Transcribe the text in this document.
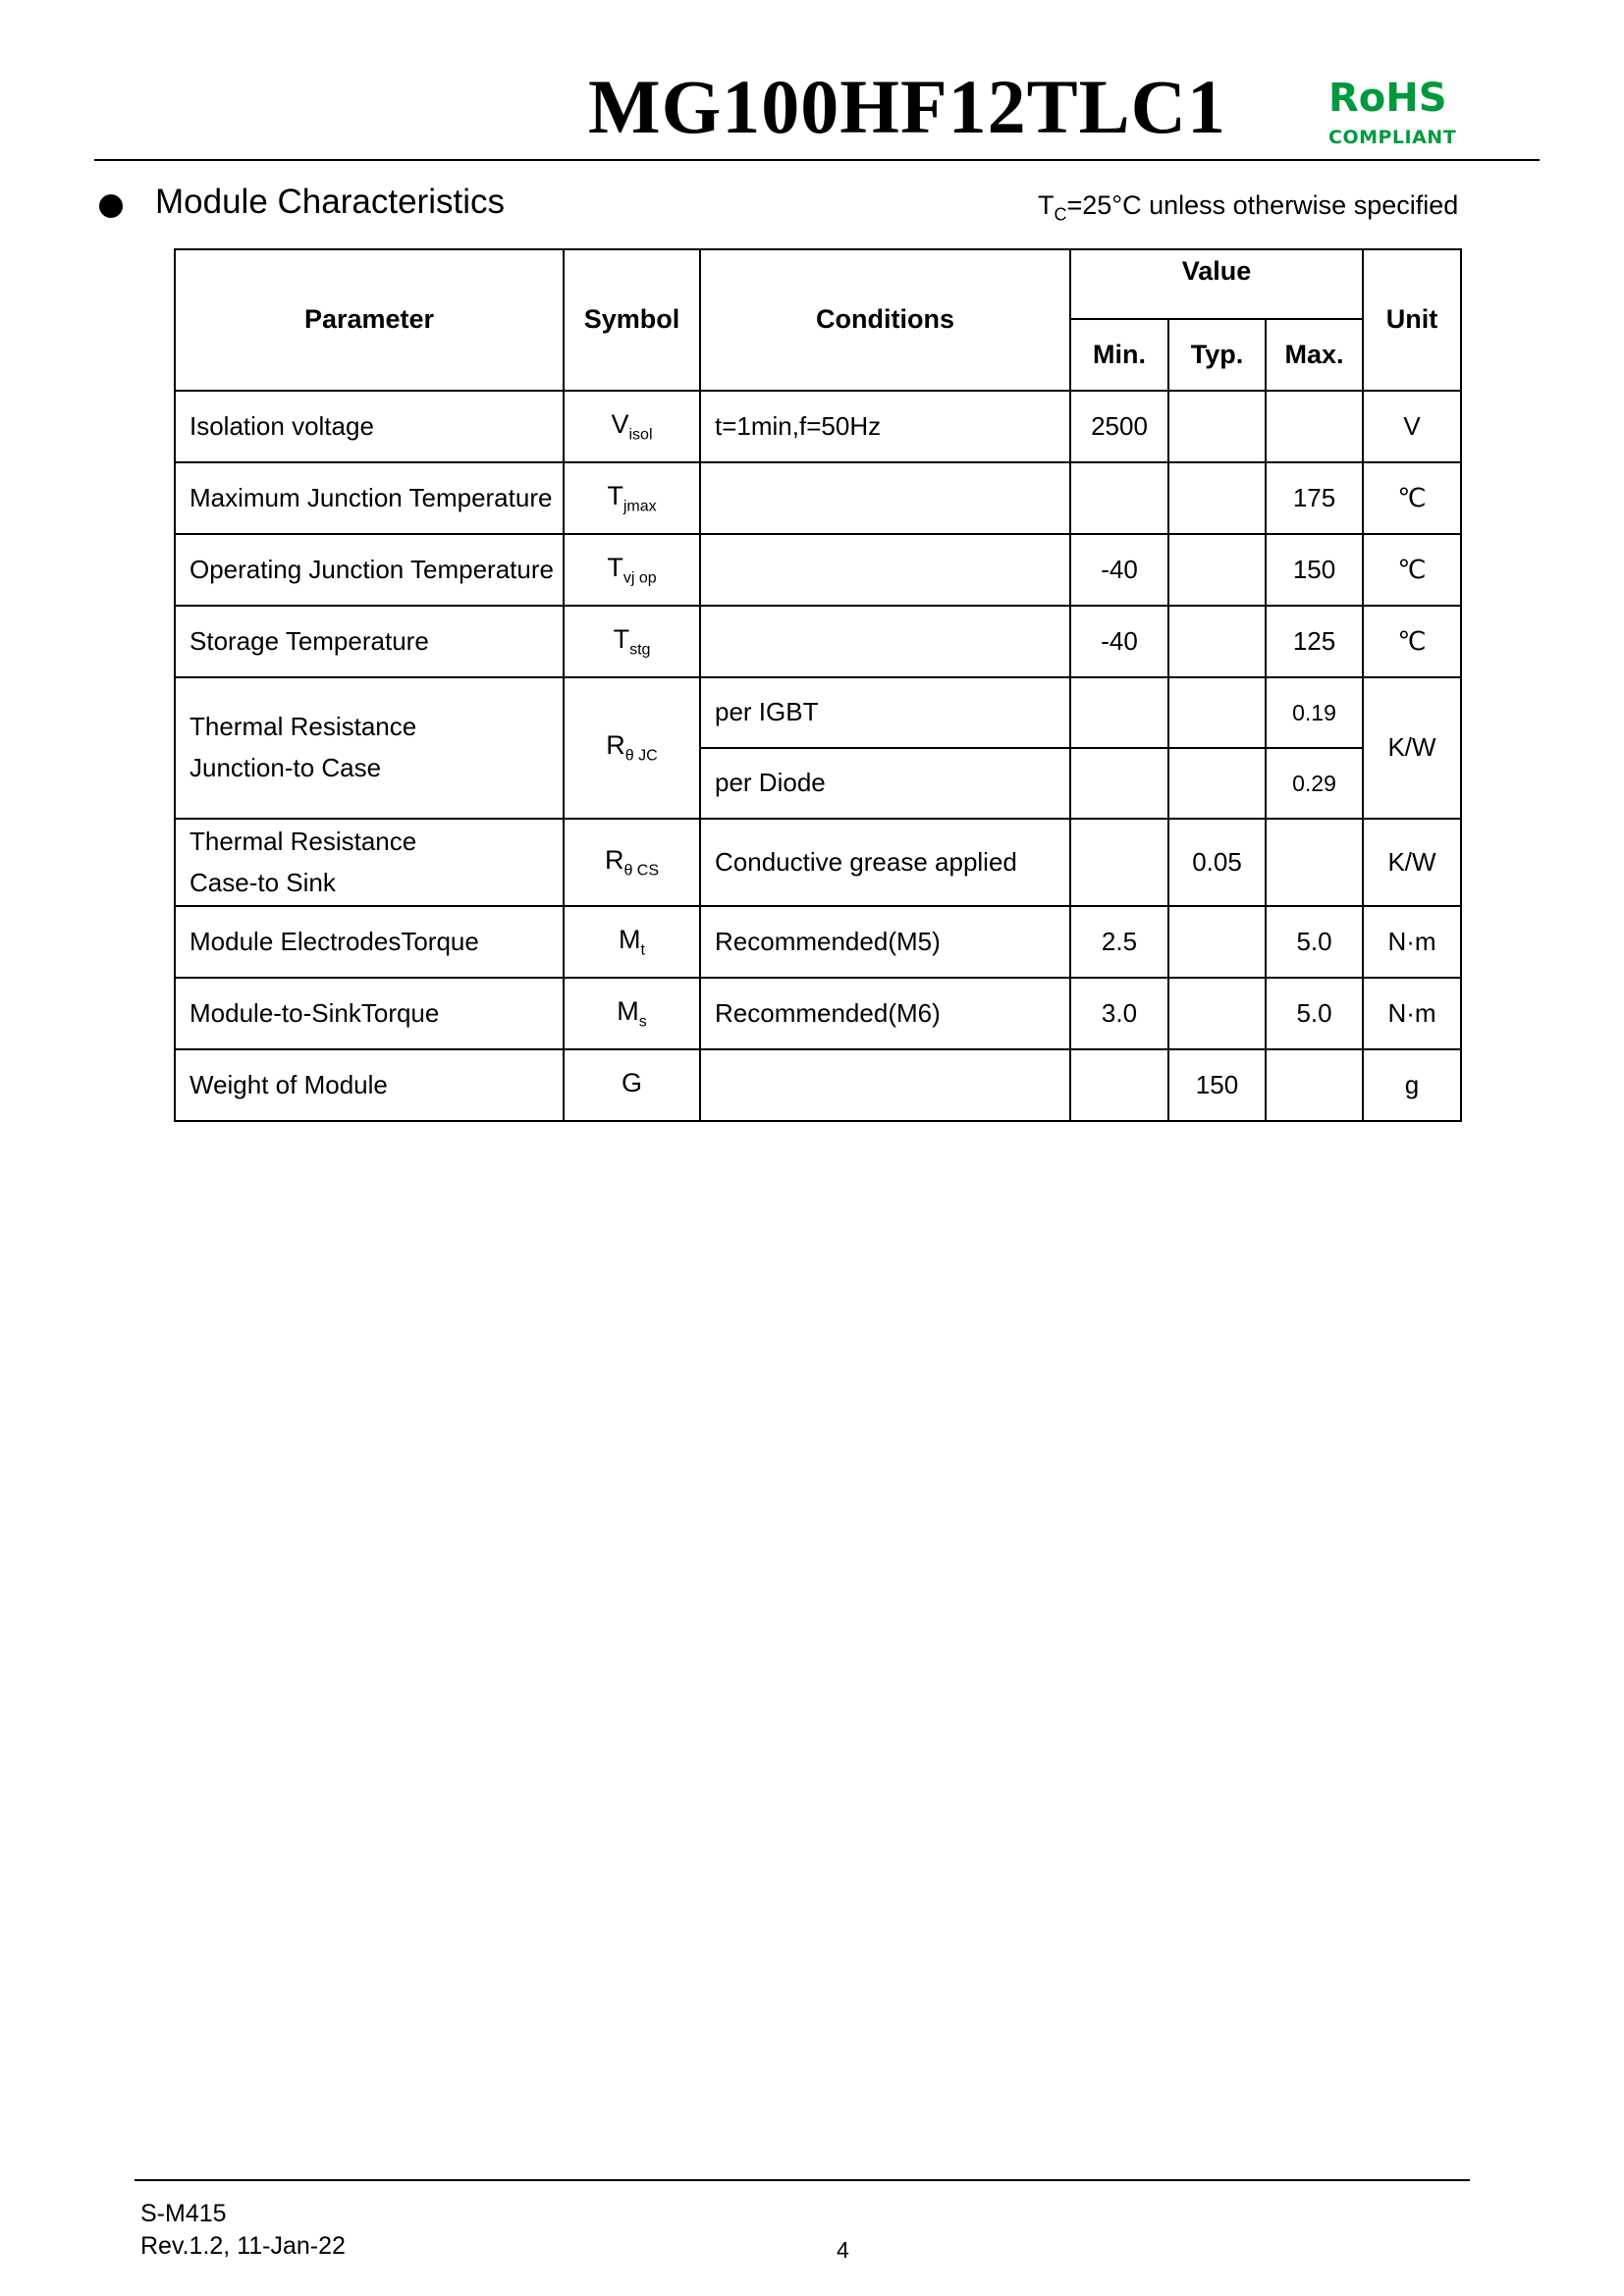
MG100HF12TLC1	RoHS
COMPLIANT
Module Characteristics	$T_C=25^\circ C$ unless otherwise specified
Parameter	Symbol	Conditions	Value			Unit
			Min.	Typ.	Max.	
Isolation voltage	$V_{isol}$	t=1min,f=50Hz	2500			V
Maximum Junction Temperature	$T_{jmax}$				175	℃
Operating Junction Temperature	$T_{vj op}$		-40		150	℃
Storage Temperature	$T_{stg}$		-40		125	℃

Thermal Resistance
Junction-to Case	$R_{\theta JC}$	per IGBT			0.19	K/W
		per Diode			0.29	

Thermal Resistance
Case-to Sink	$R_{\theta CS}$	Conductive grease applied		0.05		K/W
Module ElectrodesTorque	$M_t$	Recommended(M5)	2.5		5.0	N·m
Module-to-SinkTorque	$M_s$	Recommended(M6)	3.0		5.0	N·m
Weight of Module	G			150		g
S-M415
Rev.1.2, 11-Jan-22	4
